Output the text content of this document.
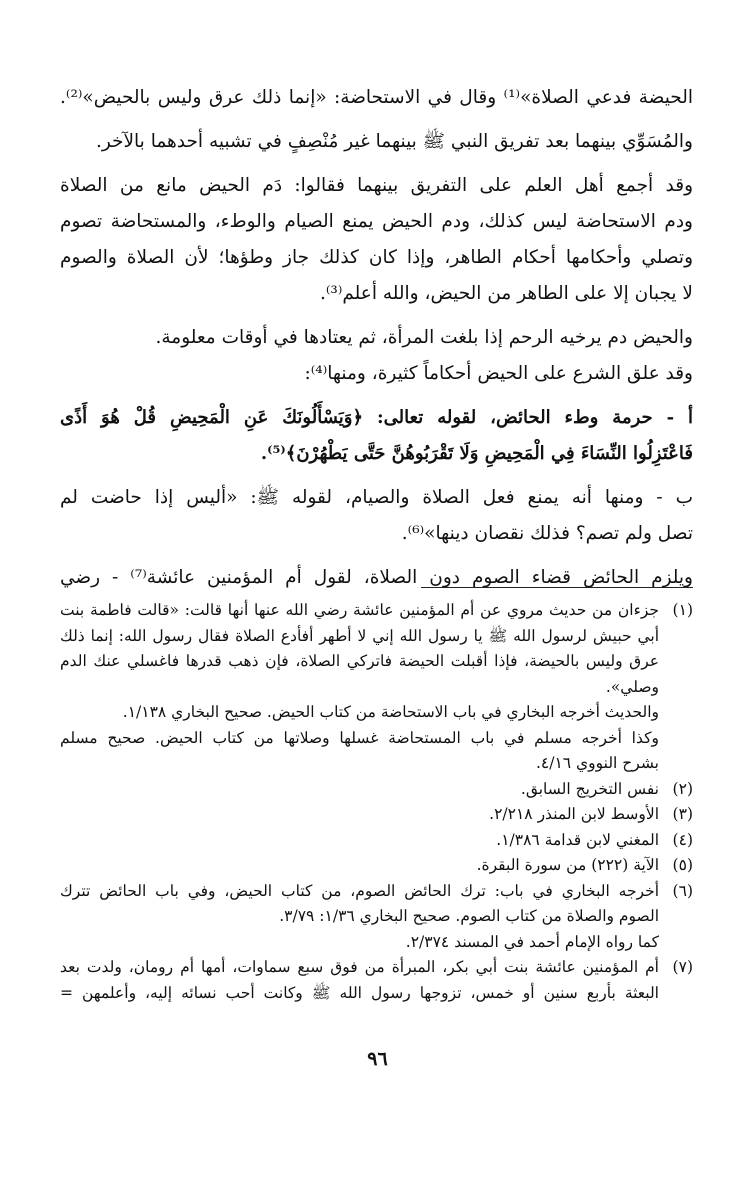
الحيضة فدعي الصلاة»⁽¹⁾ وقال في الاستحاضة: «إنما ذلك عرق وليس بالحيض»⁽²⁾.
والمُسَوِّي بينهما بعد تفريق النبي ﷺ بينهما غير مُنْصِفٍ في تشبيه أحدهما بالآخر.
وقد أجمع أهل العلم على التفريق بينهما فقالوا: دَم الحيض مانع من الصلاة
ودم الاستحاضة ليس كذلك، ودم الحيض يمنع الصيام والوطء، والمستحاضة تصوم
وتصلي وأحكامها أحكام الطاهر، وإذا كان كذلك جاز وطؤها؛ لأن الصلاة والصوم
لا يجبان إلا على الطاهر من الحيض، والله أعلم⁽³⁾.
والحيض دم يرخيه الرحم إذا بلغت المرأة، ثم يعتادها في أوقات معلومة.
وقد علق الشرع على الحيض أحكاماً كثيرة، ومنها⁽⁴⁾:
أ - حرمة وطء الحائض، لقوله تعالى: ﴿وَيَسْأَلُونَكَ عَنِ الْمَحِيضِ قُلْ هُوَ أَذًى
فَاعْتَزِلُوا النِّسَاءَ فِي الْمَحِيضِ وَلَا تَقْرَبُوهُنَّ حَتَّى يَطْهُرْنَ﴾⁽⁵⁾.
ب - ومنها أنه يمنع فعل الصلاة والصيام، لقوله ﷺ: «أليس إذا حاضت لم
تصل ولم تصم؟ فذلك نقصان دينها»⁽⁶⁾.
ويلزم الحائض قضاء الصوم دون الصلاة، لقول أم المؤمنين عائشة⁽⁷⁾ - رضي
(١)
جزءان من حديث مروي عن أم المؤمنين عائشة رضي الله عنها أنها قالت: «قالت فاطمة بنت
أبي حبيش لرسول الله ﷺ يا رسول الله إني لا أطهر أفأدع الصلاة فقال رسول الله: إنما ذلك
عرق وليس بالحيضة، فإذا أقبلت الحيضة فاتركي الصلاة، فإن ذهب قدرها فاغسلي عنك الدم
وصلي».
والحديث أخرجه البخاري في باب الاستحاضة من كتاب الحيض. صحيح البخاري ١/١٣٨.
وكذا أخرجه مسلم في باب المستحاضة غسلها وصلاتها من كتاب الحيض. صحيح مسلم
بشرح النووي ٤/١٦.
(٢)
نفس التخريج السابق.
(٣)
الأوسط لابن المنذر ٢/٢١٨.
(٤)
المغني لابن قدامة ١/٣٨٦.
(٥)
الآية (٢٢٢) من سورة البقرة.
(٦)
أخرجه البخاري في باب: ترك الحائض الصوم، من كتاب الحيض، وفي باب الحائض تترك
الصوم والصلاة من كتاب الصوم. صحيح البخاري ١/٣٦: ٣/٧٩.
كما رواه الإمام أحمد في المسند ٢/٣٧٤.
(٧)
أم المؤمنين عائشة بنت أبي بكر، المبرأة من فوق سبع سماوات، أمها أم رومان، ولدت بعد
البعثة بأربع سنين أو خمس، تزوجها رسول الله ﷺ وكانت أحب نسائه إليه، وأعلمهن =
٩٦
